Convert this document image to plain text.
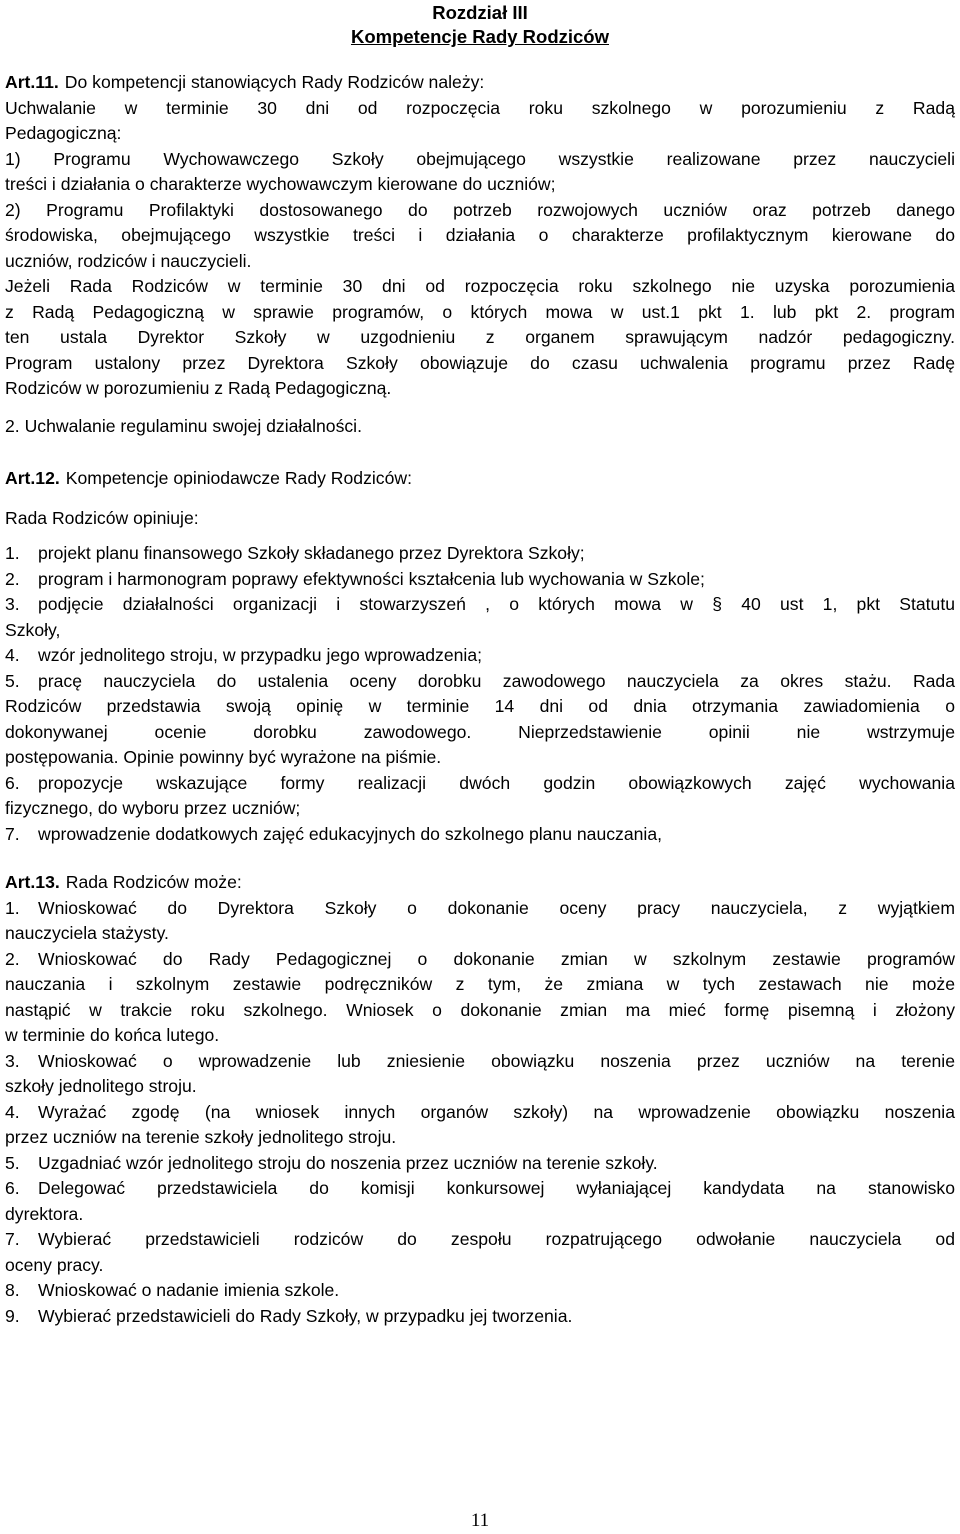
Rozdział III
Kompetencje Rady Rodziców

Art.11. Do kompetencji stanowiących Rady Rodziców należy:

Uchwalanie w terminie 30 dni od rozpoczęcia roku szkolnego w porozumieniu z Radą

Pedagogiczną:

1) Programu Wychowawczego Szkoły obejmującego wszystkie realizowane przez nauczycieli

treści i działania o charakterze wychowawczym kierowane do uczniów;

2) Programu Profilaktyki dostosowanego do potrzeb rozwojowych uczniów oraz potrzeb danego

środowiska, obejmującego wszystkie treści i działania o charakterze profilaktycznym kierowane do

uczniów, rodziców i nauczycieli.

Jeżeli Rada Rodziców w terminie 30 dni od rozpoczęcia roku szkolnego nie uzyska porozumienia

z Radą Pedagogiczną w sprawie programów, o których mowa w ust.1 pkt 1. lub pkt 2. program

ten ustala Dyrektor Szkoły w uzgodnieniu z organem sprawującym nadzór pedagogiczny.

Program ustalony przez Dyrektora Szkoły obowiązuje do czasu uchwalenia programu przez Radę

Rodziców w porozumieniu z Radą Pedagogiczną.

2. Uchwalanie regulaminu swojej działalności.

Art.12. Kompetencje opiniodawcze Rady Rodziców:

Rada Rodziców opiniuje:

1. projekt planu finansowego Szkoły składanego przez Dyrektora Szkoły;

2. program i harmonogram poprawy efektywności kształcenia lub wychowania w Szkole;

3. podjęcie działalności organizacji i stowarzyszeń , o których mowa w § 40 ust 1, pkt Statutu

Szkoły,

4. wzór jednolitego stroju, w przypadku jego wprowadzenia;

5. pracę nauczyciela do ustalenia oceny dorobku zawodowego nauczyciela za okres stażu. Rada

Rodziców przedstawia swoją opinię w terminie 14 dni od dnia otrzymania zawiadomienia o

dokonywanej ocenie dorobku zawodowego. Nieprzedstawienie opinii nie wstrzymuje

postępowania. Opinie powinny być wyrażone na piśmie.

6. propozycje wskazujące formy realizacji dwóch godzin obowiązkowych zajęć wychowania

fizycznego, do wyboru przez uczniów;

7. wprowadzenie dodatkowych zajęć edukacyjnych do szkolnego planu nauczania,

Art.13. Rada Rodziców może:

1. Wnioskować do Dyrektora Szkoły o dokonanie oceny pracy nauczyciela, z wyjątkiem

nauczyciela stażysty.

2. Wnioskować do Rady Pedagogicznej o dokonanie zmian w szkolnym zestawie programów

nauczania i szkolnym zestawie podręczników z tym, że zmiana w tych zestawach nie może

nastąpić w trakcie roku szkolnego. Wniosek o dokonanie zmian ma mieć formę pisemną i złożony

w terminie do końca lutego.

3. Wnioskować o wprowadzenie lub zniesienie obowiązku noszenia przez uczniów na terenie

szkoły jednolitego stroju.

4. Wyrażać zgodę (na wniosek innych organów szkoły) na wprowadzenie obowiązku noszenia

przez uczniów na terenie szkoły jednolitego stroju.

5. Uzgadniać wzór jednolitego stroju do noszenia przez uczniów na terenie szkoły.

6. Delegować przedstawiciela do komisji konkursowej wyłaniającej kandydata na stanowisko

dyrektora.

7. Wybierać przedstawicieli rodziców do zespołu rozpatrującego odwołanie nauczyciela od

oceny pracy.

8. Wnioskować o nadanie imienia szkole.

9. Wybierać przedstawicieli do Rady Szkoły, w przypadku jej tworzenia.

11
